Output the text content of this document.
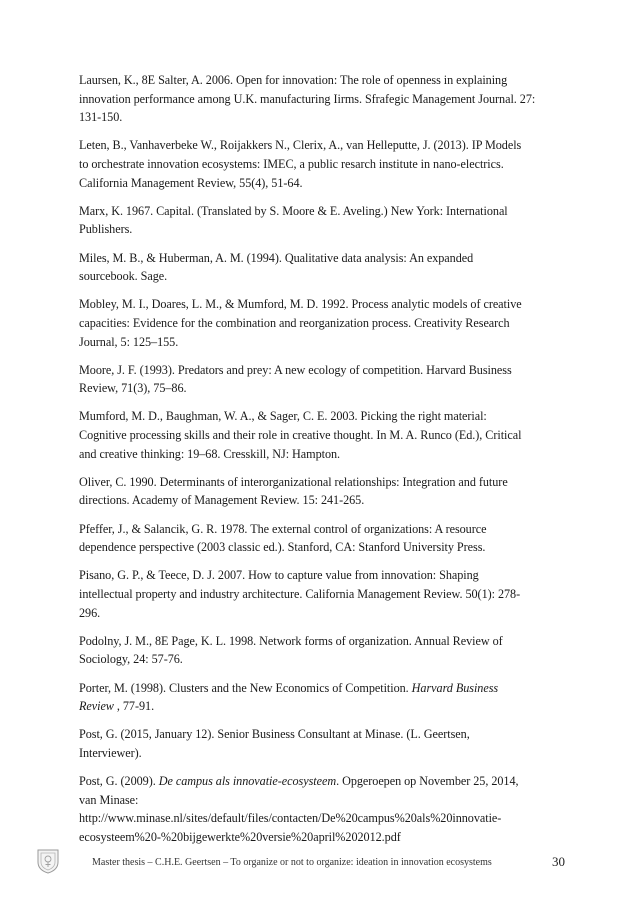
Laursen, K., 8E Salter, A. 2006. Open for innovation: The role of openness in explaining
innovation performance among U.K. manufacturing Iirms. Sfrafegic Management Journal. 27:
131-150.
Leten, B., Vanhaverbeke W., Roijakkers N., Clerix, A., van Helleputte, J. (2013). IP Models
to orchestrate innovation ecosystems: IMEC, a public resarch institute in nano-electrics.
California Management Review, 55(4), 51-64.
Marx, K. 1967. Capital. (Translated by S. Moore & E. Aveling.) New York: International
Publishers.
Miles, M. B., & Huberman, A. M. (1994). Qualitative data analysis: An expanded
sourcebook. Sage.
Mobley, M. I., Doares, L. M., & Mumford, M. D. 1992. Process analytic models of creative
capacities: Evidence for the combination and reorganization process. Creativity Research
Journal, 5: 125–155.
Moore, J. F. (1993). Predators and prey: A new ecology of competition. Harvard Business
Review, 71(3), 75–86.
Mumford, M. D., Baughman, W. A., & Sager, C. E. 2003. Picking the right material:
Cognitive processing skills and their role in creative thought. In M. A. Runco (Ed.), Critical
and creative thinking: 19–68. Cresskill, NJ: Hampton.
Oliver, C. 1990. Determinants of interorganizational relationships: Integration and future
directions. Academy of Management Review. 15: 241-265.
Pfeffer, J., & Salancik, G. R. 1978. The external control of organizations: A resource
dependence perspective (2003 classic ed.). Stanford, CA: Stanford University Press.
Pisano, G. P., & Teece, D. J. 2007. How to capture value from innovation: Shaping
intellectual property and industry architecture. California Management Review. 50(1): 278-
296.
Podolny, J. M., 8E Page, K. L. 1998. Network forms of organization. Annual Review of
Sociology, 24: 57-76.
Porter, M. (1998). Clusters and the New Economics of Competition. Harvard Business
Review , 77-91.
Post, G. (2015, January 12). Senior Business Consultant at Minase. (L. Geertsen,
Interviewer).
Post, G. (2009). De campus als innovatie-ecosysteem. Opgeroepen op November 25, 2014,
van Minase:
http://www.minase.nl/sites/default/files/contacten/De%20campus%20als%20innovatie-
ecosysteem%20-%20bijgewerkte%20versie%20april%202012.pdf
Master thesis – C.H.E. Geertsen – To organize or not to organize: ideation in innovation ecosystems	30
